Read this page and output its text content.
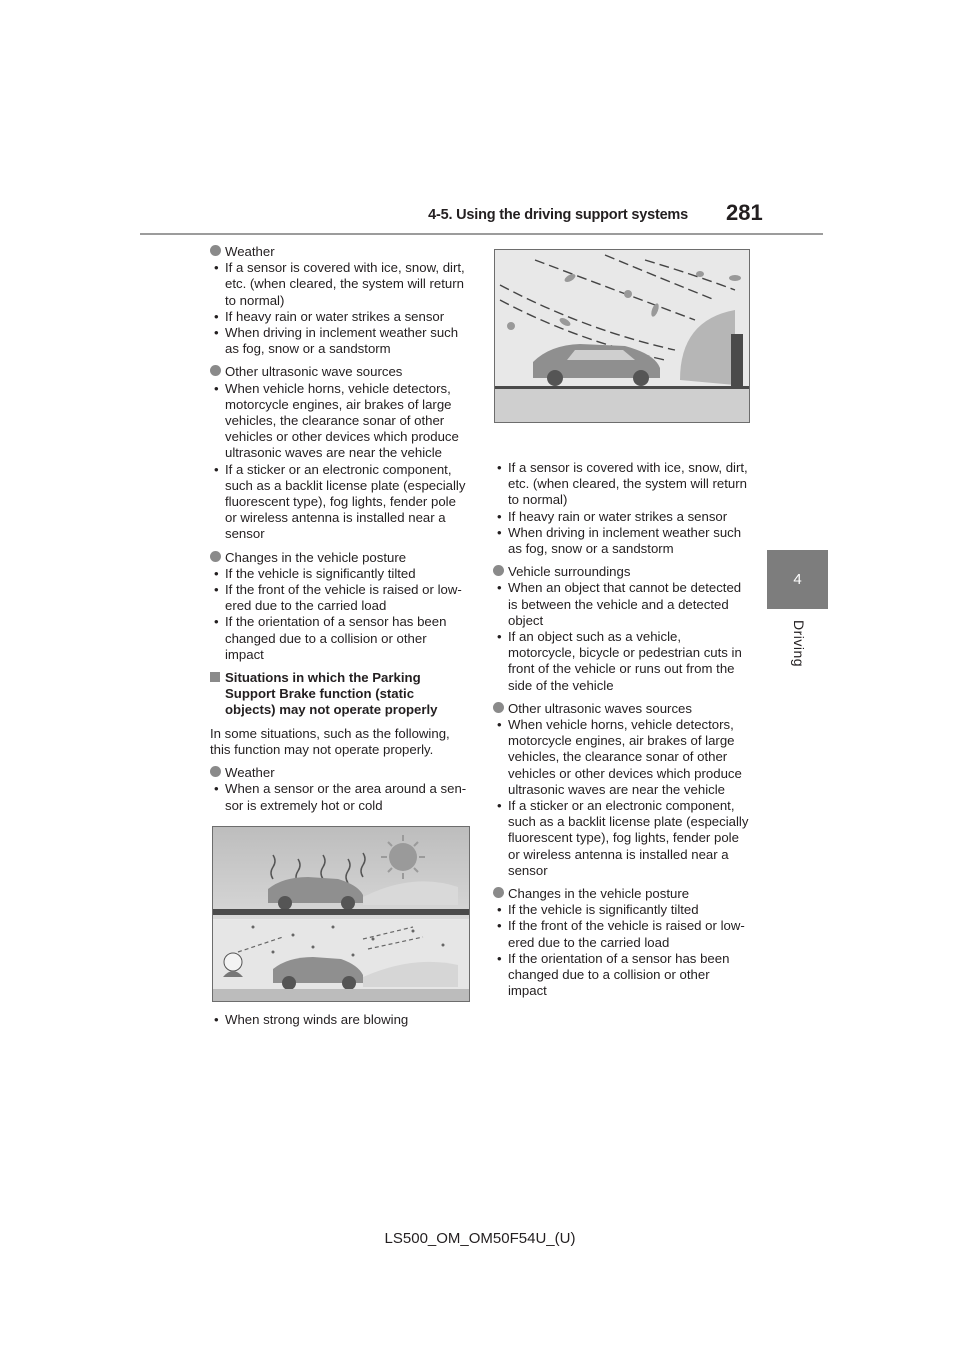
4-5. Using the driving support systems 281
4
Driving
Weather
• If a sensor is covered with ice, snow, dirt, etc. (when cleared, the system will return to normal)
• If heavy rain or water strikes a sensor
• When driving in inclement weather such as fog, snow or a sandstorm
Other ultrasonic wave sources
• When vehicle horns, vehicle detectors, motorcycle engines, air brakes of large vehicles, the clearance sonar of other vehicles or other devices which produce ultrasonic waves are near the vehicle
• If a sticker or an electronic component, such as a backlit license plate (especially fluorescent type), fog lights, fender pole or wireless antenna is installed near a sensor
Changes in the vehicle posture
• If the vehicle is significantly tilted
• If the front of the vehicle is raised or low-ered due to the carried load
• If the orientation of a sensor has been changed due to a collision or other impact
Situations in which the Parking Support Brake function (static objects) may not operate properly
In some situations, such as the following, this function may not operate properly.
Weather
• When a sensor or the area around a sen-sor is extremely hot or cold
• When strong winds are blowing
• If a sensor is covered with ice, snow, dirt, etc. (when cleared, the system will return to normal)
• If heavy rain or water strikes a sensor
• When driving in inclement weather such as fog, snow or a sandstorm
Vehicle surroundings
• When an object that cannot be detected is between the vehicle and a detected object
• If an object such as a vehicle, motorcycle, bicycle or pedestrian cuts in front of the vehicle or runs out from the side of the vehicle
Other ultrasonic waves sources
• When vehicle horns, vehicle detectors, motorcycle engines, air brakes of large vehicles, the clearance sonar of other vehicles or other devices which produce ultrasonic waves are near the vehicle
• If a sticker or an electronic component, such as a backlit license plate (especially fluorescent type), fog lights, fender pole or wireless antenna is installed near a sensor
Changes in the vehicle posture
• If the vehicle is significantly tilted
• If the front of the vehicle is raised or low-ered due to the carried load
• If the orientation of a sensor has been changed due to a collision or other impact
LS500_OM_OM50F54U_(U)
